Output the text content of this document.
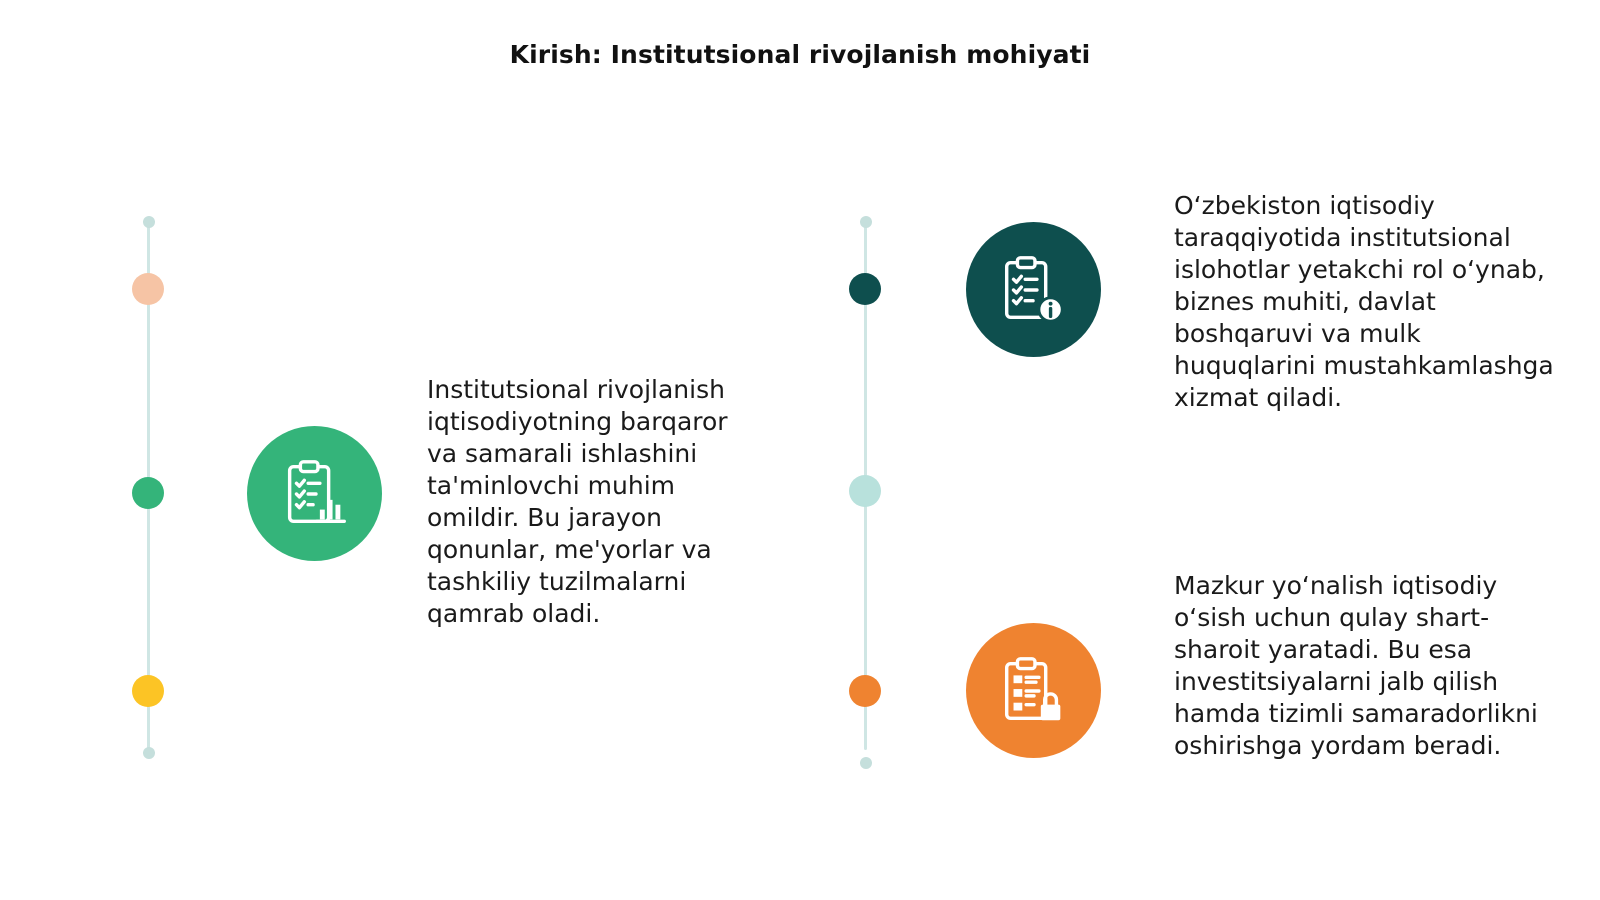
Kirish: Institutsional rivojlanish mohiyati
Institutsional rivojlanish iqtisodiyotning barqaror va samarali ishlashini ta'minlovchi muhim omildir. Bu jarayon qonunlar, me'yorlar va tashkiliy tuzilmalarni qamrab oladi.
O‘zbekiston iqtisodiy taraqqiyotida institutsional islohotlar yetakchi rol o‘ynab, biznes muhiti, davlat boshqaruvi va mulk huquqlarini mustahkamlashga xizmat qiladi.
Mazkur yo‘nalish iqtisodiy o‘sish uchun qulay shart-sharoit yaratadi. Bu esa investitsiyalarni jalb qilish hamda tizimli samaradorlikni oshirishga yordam beradi.
